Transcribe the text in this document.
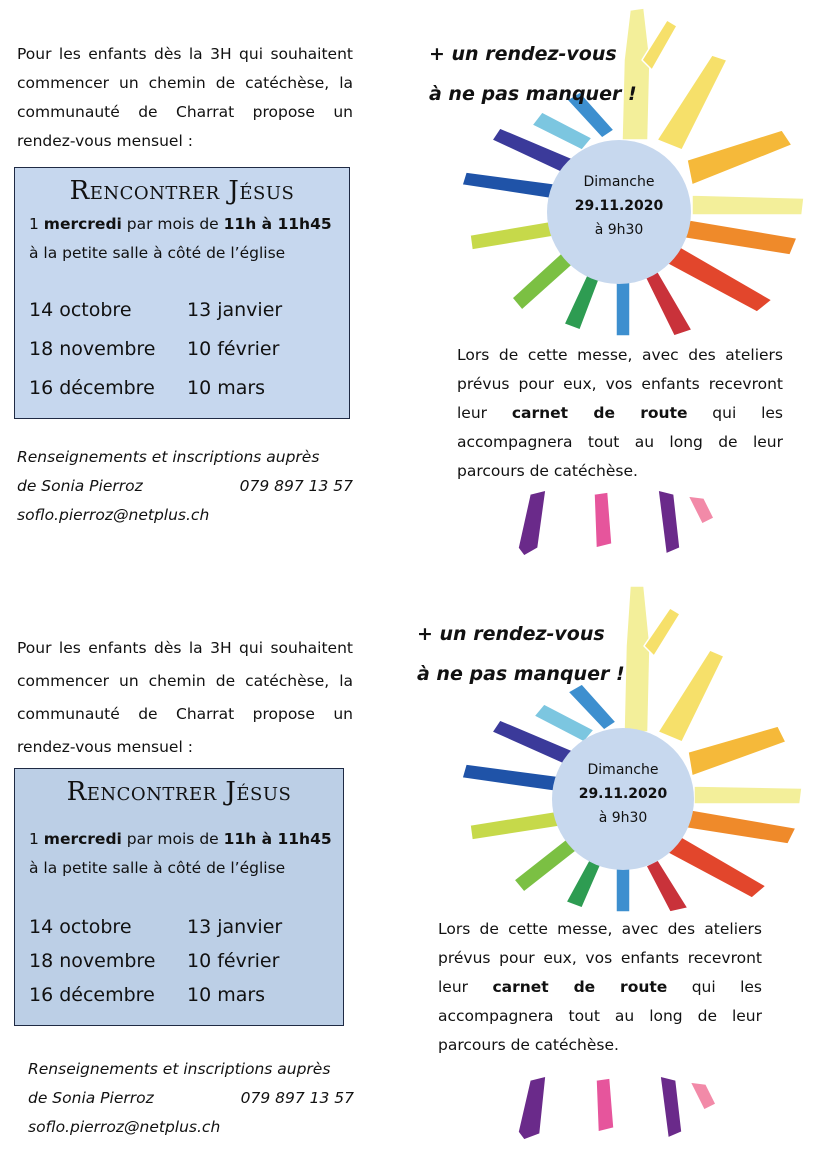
Pour les enfants dès la 3H qui souhaitent commencer un chemin de catéchèse, la communauté de Charrat propose un rendez-vous mensuel :

Rencontrer Jésus
1 mercredi par mois de 11h à 11h45
à la petite salle à côté de l’église
14 octobre	13 janvier
18 novembre	10 février
16 décembre	10 mars
Renseignements et inscriptions auprès
de Sonia Pierroz	079 897 13 57
soflo.pierroz@netplus.ch
Dimanche
29.11.2020
à 9h30
+ un rendez-vous
à ne pas manquer !

Lors de cette messe, avec des ateliers prévus pour eux, vos enfants recevront leur carnet de route qui les accompagnera tout au long de leur parcours de catéchèse.

Pour les enfants dès la 3H qui souhaitent commencer un chemin de catéchèse, la communauté de Charrat propose un rendez-vous mensuel :

Rencontrer Jésus
1 mercredi par mois de 11h à 11h45
à la petite salle à côté de l’église
14 octobre	13 janvier
18 novembre	10 février
16 décembre	10 mars
Renseignements et inscriptions auprès
de Sonia Pierroz	079 897 13 57
soflo.pierroz@netplus.ch
Dimanche
29.11.2020
à 9h30
+ un rendez-vous
à ne pas manquer !

Lors de cette messe, avec des ateliers prévus pour eux, vos enfants recevront leur carnet de route qui les accompagnera tout au long de leur parcours de catéchèse.
